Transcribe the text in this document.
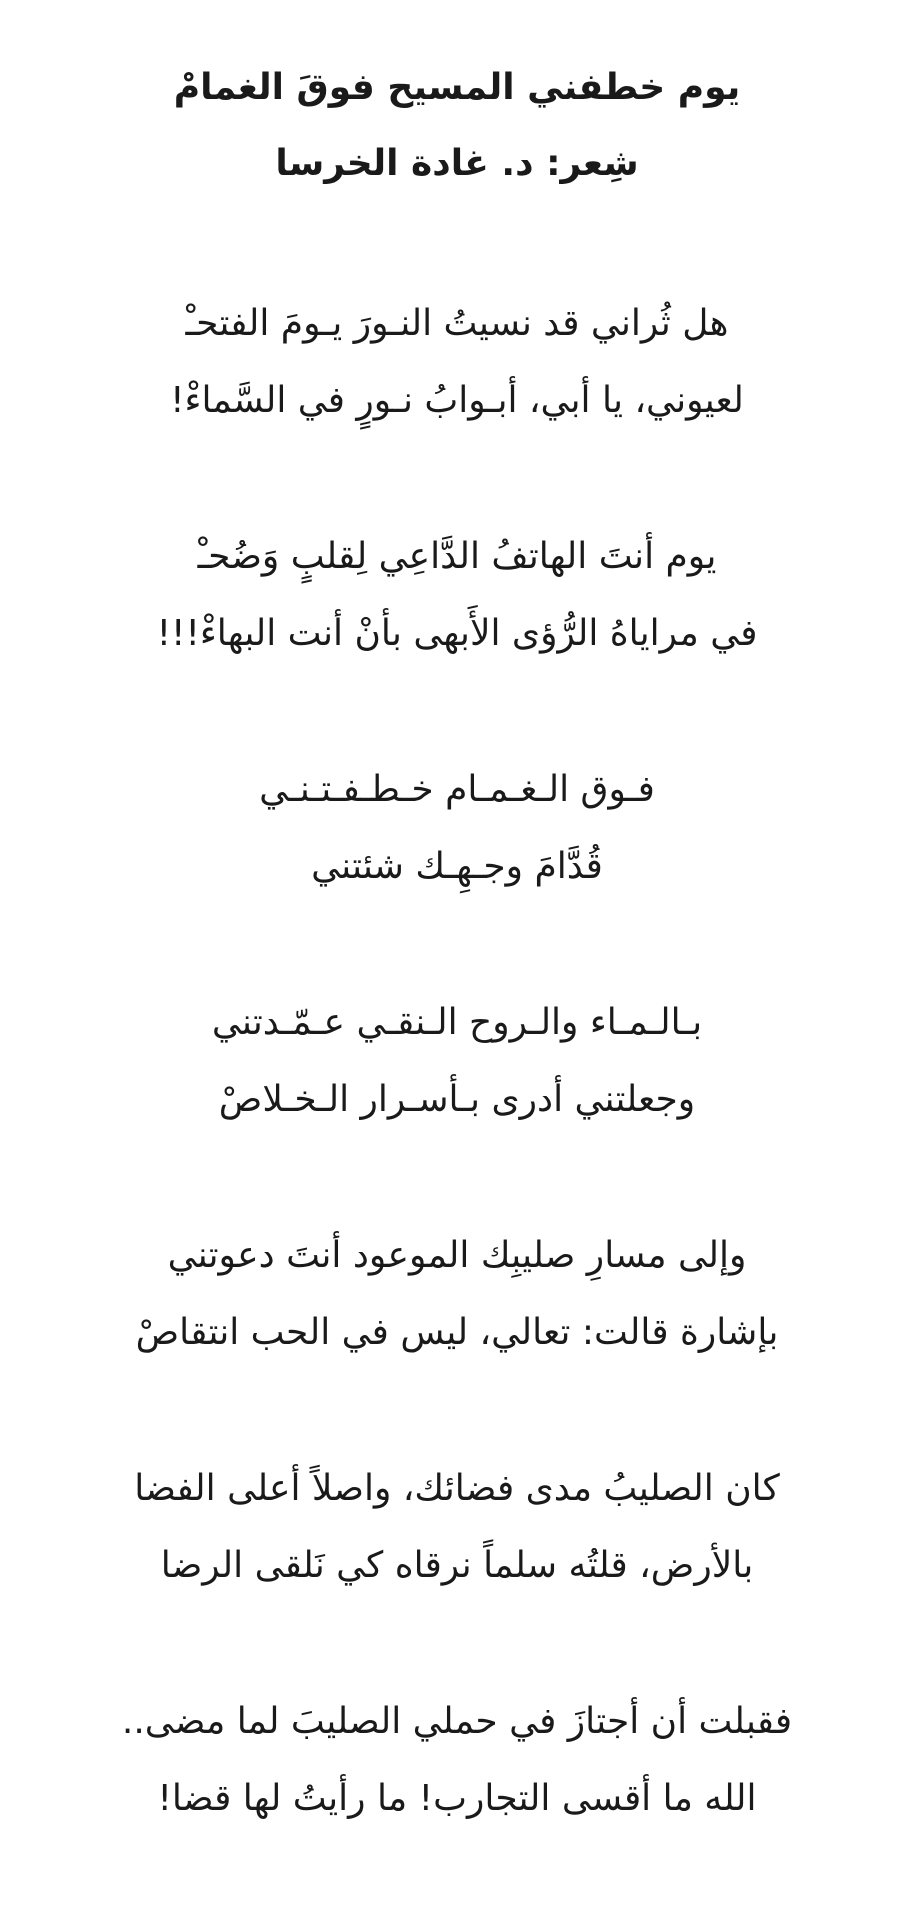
يوم خطفني المسيح فوقَ الغمامْ
شِعر: د. غادة الخرسا
هل ثُراني قد نسيتُ النـورَ يـومَ الفتحـْ
لعيوني، يا أبي، أبـوابُ نـورٍ في السَّماءْ!
يوم أنتَ الهاتفُ الدَّاعِي لِقلبٍ وَضُحـْ
في مراياهُ الرُّؤى الأَبهى بأنْ أنت البهاءْ!!!
فـوق الـغـمـام خـطـفـتـنـي
قُدَّامَ وجـهِـك شئتني
بـالـمـاء والـروح الـنقـي عـمّـدتني
وجعلتني أدرى بـأسـرار الـخـلاصْ
وإلى مسارِ صليبِك الموعود أنتَ دعوتني
بإشارة قالت: تعالي، ليس في الحب انتقاصْ
كان الصليبُ مدى فضائك، واصلاً أعلى الفضا
بالأرض، قلتُه سلماً نرقاه كي نَلقى الرضا
فقبلت أن أجتازَ في حملي الصليبَ لما مضى..
الله ما أقسى التجارب! ما رأيتُ لها قضا!
